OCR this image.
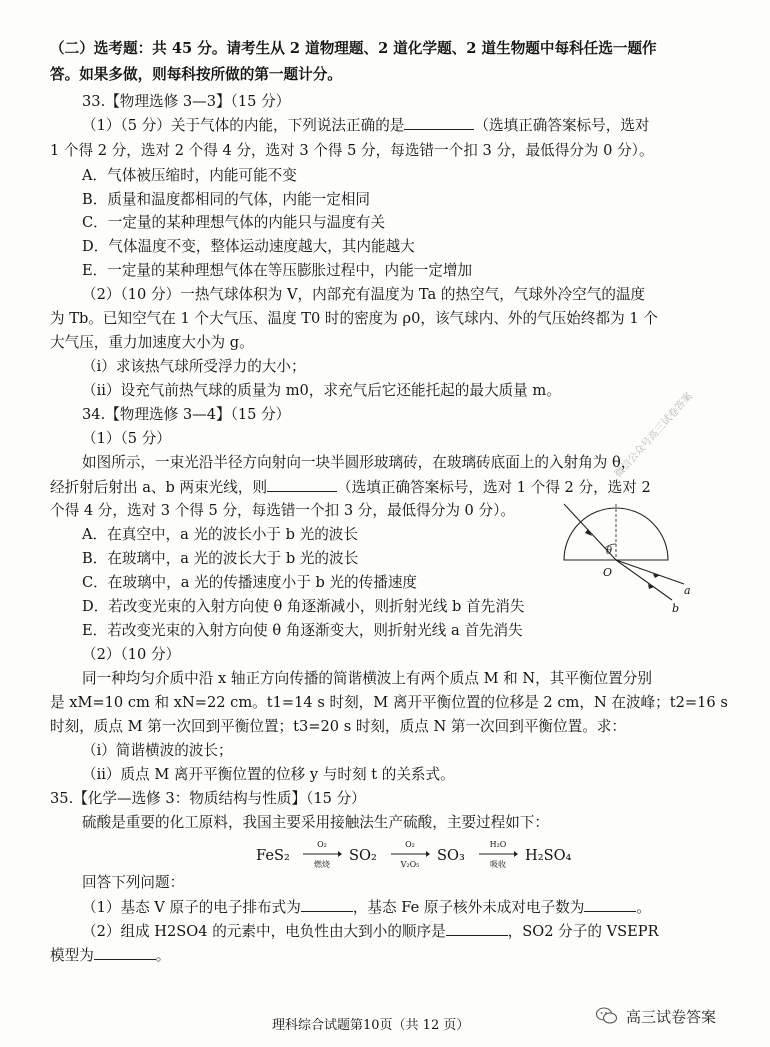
（二）选考题：共 45 分。请考生从 2 道物理题、2 道化学题、2 道生物题中每科任选一题作
答。如果多做，则每科按所做的第一题计分。
33.【物理选修 3—3】（15 分）
（1）（5 分）关于气体的内能，下列说法正确的是	（选填正确答案标号，选对
1 个得 2 分，选对 2 个得 4 分，选对 3 个得 5 分，每选错一个扣 3 分，最低得分为 0 分）。
A．气体被压缩时，内能可能不变
B．质量和温度都相同的气体，内能一定相同
C．一定量的某种理想气体的内能只与温度有关
D．气体温度不变，整体运动速度越大，其内能越大
E．一定量的某种理想气体在等压膨胀过程中，内能一定增加
（2）（10 分）一热气球体积为 V，内部充有温度为 Ta 的热空气，气球外冷空气的温度
为 Tb。已知空气在 1 个大气压、温度 T0 时的密度为 ρ0，该气球内、外的气压始终都为 1 个
大气压，重力加速度大小为 g。
（i）求该热气球所受浮力的大小；
（ii）设充气前热气球的质量为 m0，求充气后它还能托起的最大质量 m。
34.【物理选修 3—4】（15 分）
（1）（5 分）
如图所示，一束光沿半径方向射向一块半圆形玻璃砖，在玻璃砖底面上的入射角为 θ，
经折射后射出 a、b 两束光线，则	（选填正确答案标号，选对 1 个得 2 分，选对 2
个得 4 分，选对 3 个得 5 分，每选错一个扣 3 分，最低得分为 0 分）。
A．在真空中，a 光的波长小于 b 光的波长
B．在玻璃中，a 光的波长大于 b 光的波长
C．在玻璃中，a 光的传播速度小于 b 光的传播速度
D．若改变光束的入射方向使 θ 角逐渐减小，则折射光线 b 首先消失
E．若改变光束的入射方向使 θ 角逐渐变大，则折射光线 a 首先消失
（2）（10 分）
同一种均匀介质中沿 x 轴正方向传播的简谐横波上有两个质点 M 和 N，其平衡位置分别
是 xM=10 cm 和 xN=22 cm。t1=14 s 时刻，M 离开平衡位置的位移是 2 cm，N 在波峰；t2=16 s
时刻，质点 M 第一次回到平衡位置；t3=20 s 时刻，质点 N 第一次回到平衡位置。求：
（i）简谐横波的波长；
（ii）质点 M 离开平衡位置的位移 y 与时刻 t 的关系式。
35.【化学—选修 3：物质结构与性质】（15 分）
硫酸是重要的化工原料，我国主要采用接触法生产硫酸，主要过程如下：
FeS₂
O₂
燃烧
SO₂
O₂
V₂O₅
SO₃
H₂O
吸收
H₂SO₄
回答下列问题：
（1）基态 V 原子的电子排布式为	，基态 Fe 原子核外未成对电子数为	。
（2）组成 H2SO4 的元素中，电负性由大到小的顺序是	，SO2 分子的 VSEPR
模型为	。
θ
O
a
b
微信公众号高三试卷答案
理科综合试题第10页（共 12 页）	高三试卷答案
